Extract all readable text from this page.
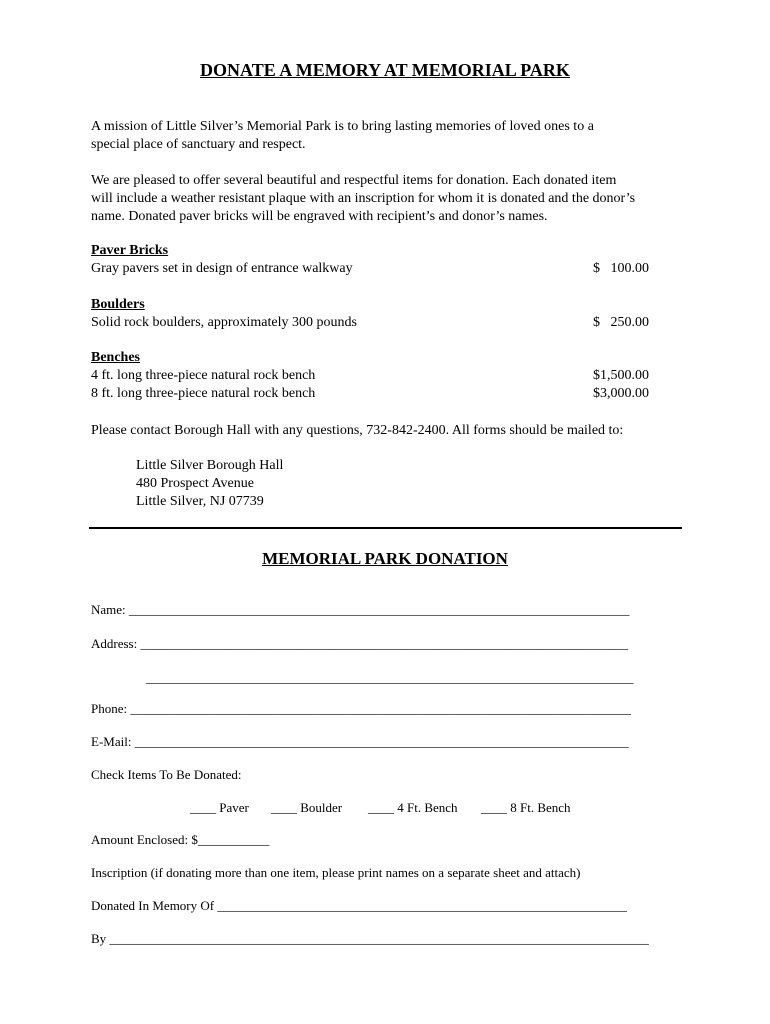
DONATE A MEMORY AT MEMORIAL PARK
A mission of Little Silver’s Memorial Park is to bring lasting memories of loved ones to a
special place of sanctuary and respect.
We are pleased to offer several beautiful and respectful items for donation. Each donated item
will include a weather resistant plaque with an inscription for whom it is donated and the donor’s
name. Donated paver bricks will be engraved with recipient’s and donor’s names.
Paver Bricks
Gray pavers set in design of entrance walkway	$   100.00
Boulders
Solid rock boulders, approximately 300 pounds	$   250.00
Benches
4 ft. long three-piece natural rock bench	$1,500.00
8 ft. long three-piece natural rock bench	$3,000.00
Please contact Borough Hall with any questions, 732-842-2400. All forms should be mailed to:
Little Silver Borough Hall
480 Prospect Avenue
Little Silver, NJ 07739
MEMORIAL PARK DONATION
Name: _____________________________________________________________________________
Address: ___________________________________________________________________________
___________________________________________________________________________
Phone: _____________________________________________________________________________
E-Mail: ____________________________________________________________________________
Check Items To Be Donated:
____ Paver ____ Boulder ____ 4 Ft. Bench ____ 8 Ft. Bench
Amount Enclosed: $___________
Inscription (if donating more than one item, please print names on a separate sheet and attach)
Donated In Memory Of _______________________________________________________________
By ___________________________________________________________________________________
